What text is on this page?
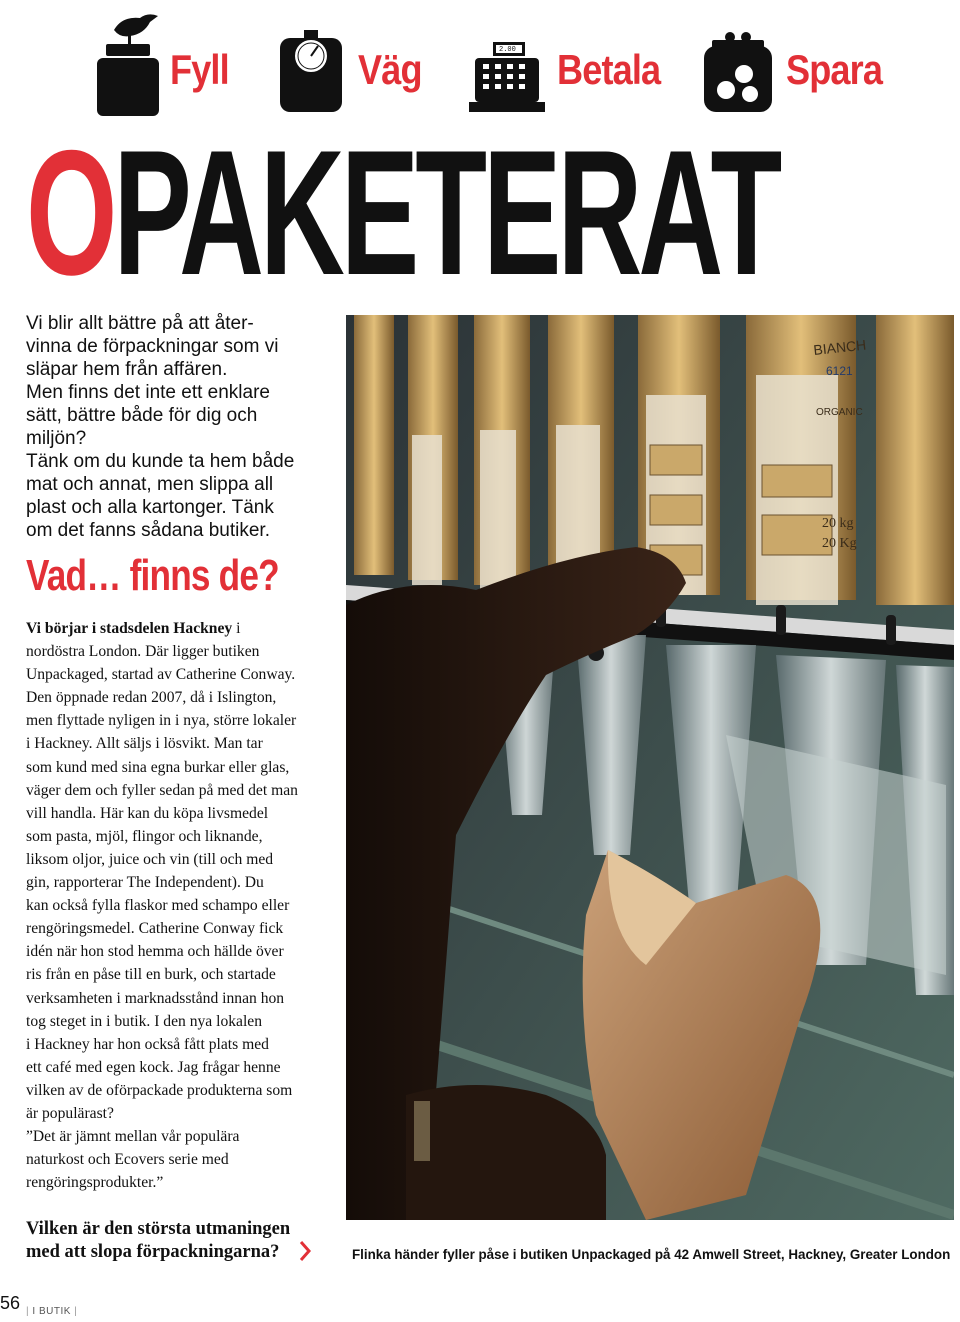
Fyll	Väg	2.00 Betala	Spara
OPAKETERAT
Vi blir allt bättre på att åter-
vinna de förpackningar som vi
släpar hem från affären.
Men finns det inte ett enklare
sätt, bättre både för dig och
miljön?
Tänk om du kunde ta hem både
mat och annat, men slippa all
plast och alla kartonger. Tänk
om det fanns sådana butiker.
Vad… finns de?
Vi börjar i stadsdelen Hackney i
nordöstra London. Där ligger butiken
Unpackaged, startad av Catherine Conway.
Den öppnade redan 2007, då i Islington,
men flyttade nyligen in i nya, större lokaler
i Hackney. Allt säljs i lösvikt. Man tar
som kund med sina egna burkar eller glas,
väger dem och fyller sedan på med det man
vill handla. Här kan du köpa livsmedel
som pasta, mjöl, flingor och liknande,
liksom oljor, juice och vin (till och med
gin, rapporterar The Independent). Du
kan också fylla flaskor med schampo eller
rengöringsmedel. Catherine Conway fick
idén när hon stod hemma och hällde över
ris från en påse till en burk, och startade
verksamheten i marknadsstånd innan hon
tog steget in i butik. I den nya lokalen
i Hackney har hon också fått plats med
ett café med egen kock. Jag frågar henne
vilken av de oförpackade produkterna som
är populärast?
”Det är jämnt mellan vår populära
naturkost och Ecovers serie med
rengöringsprodukter.”
Vilken är den största utmaningen
med att slopa förpackningarna?
BIANCH
6121
ORGANIC
20 kg
20 Kg
Flinka händer fyller påse i butiken Unpackaged på 42 Amwell Street, Hackney, Greater London
56 | I BUTIK |
